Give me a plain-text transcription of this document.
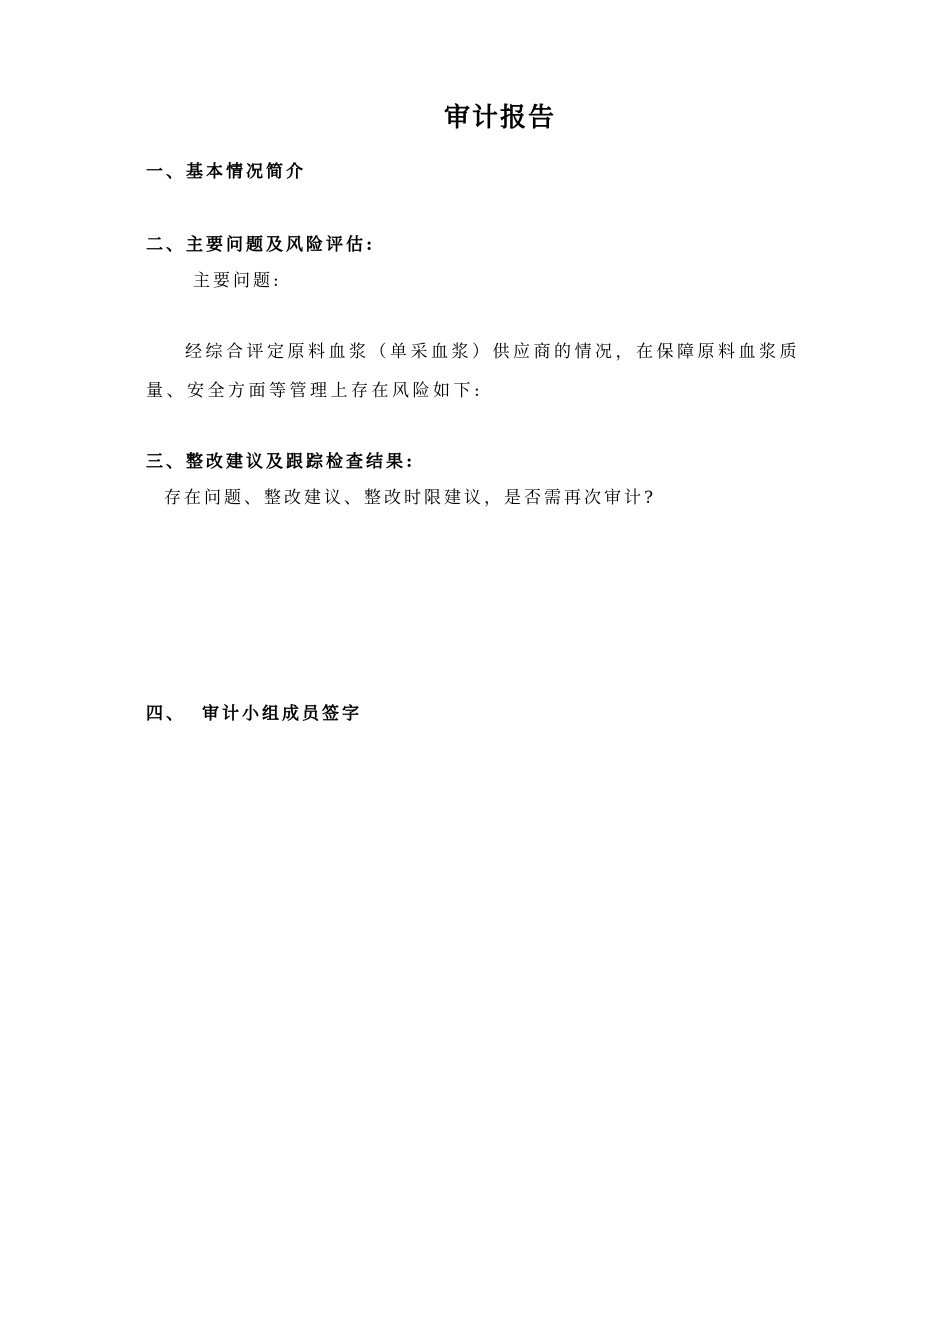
审计报告
一、基本情况简介
二、主要问题及风险评估:
主要问题:
经综合评定原料血浆（单采血浆）供应商的情况，在保障原料血浆质
量、安全方面等管理上存在风险如下:
三、整改建议及跟踪检查结果:
存在问题、整改建议、整改时限建议，是否需再次审计?
四、 审计小组成员签字
